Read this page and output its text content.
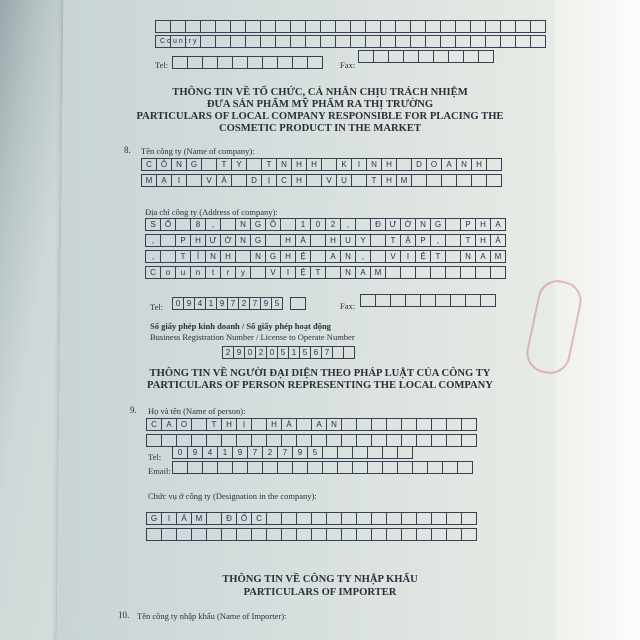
Country
Tel:	Fax:
THÔNG TIN VỀ TỔ CHỨC, CÁ NHÂN CHỊU TRÁCH NHIỆM
ĐƯA SẢN PHẨM MỸ PHẨM RA THỊ TRƯỜNG
PARTICULARS OF LOCAL COMPANY RESPONSIBLE FOR PLACING THE
COSMETIC PRODUCT IN THE MARKET
8. Tên công ty (Name of company):
C	Ô	N	G	T	Y	T	N	H	H	K	I	N	H	D	O	A	N	H
M	Ạ	I	V	À	D	Ị	C	H	V	Ụ	T	H	M
Địa chỉ công ty (Address of company):
S	Ố	8	,	N	G	Õ	1	0	2	,	Đ	Ư	Ờ	N	G	P	H	Ạ
,	P	H	Ư	Ờ	N	G	H	À	H	U	Y	T	Ậ	P	,	T	H	À
,	T	Ỉ	N	H	N	G	H	Ệ	A	N	,	V	I	Ệ	T	N	A	M
C	o	u	n	t	r	y	V	I	Ệ	T	N	A	M
Tel:	0 9 4 1 9 7 2 7 9 5	Fax:
Số giấy phép kinh doanh / Số giấy phép hoạt động
Business Registration Number / License to Operate Number
2 9 0 2 0 5 1 5 6 7
THÔNG TIN VỀ NGƯỜI ĐẠI DIỆN THEO PHÁP LUẬT CỦA CÔNG TY
PARTICULARS OF PERSON REPRESENTING THE LOCAL COMPANY
9. Họ và tên (Name of person):
C	A	O	T	H	Ị	H	À	A	N
Tel:	0	9	4	1	9	7	2	7	9	5
Email:
Chức vụ ở công ty (Designation in the company):
G	I	Á	M	Đ	Ố	C
THÔNG TIN VỀ CÔNG TY NHẬP KHẨU
PARTICULARS OF IMPORTER
10. Tên công ty nhập khẩu (Name of Importer):
